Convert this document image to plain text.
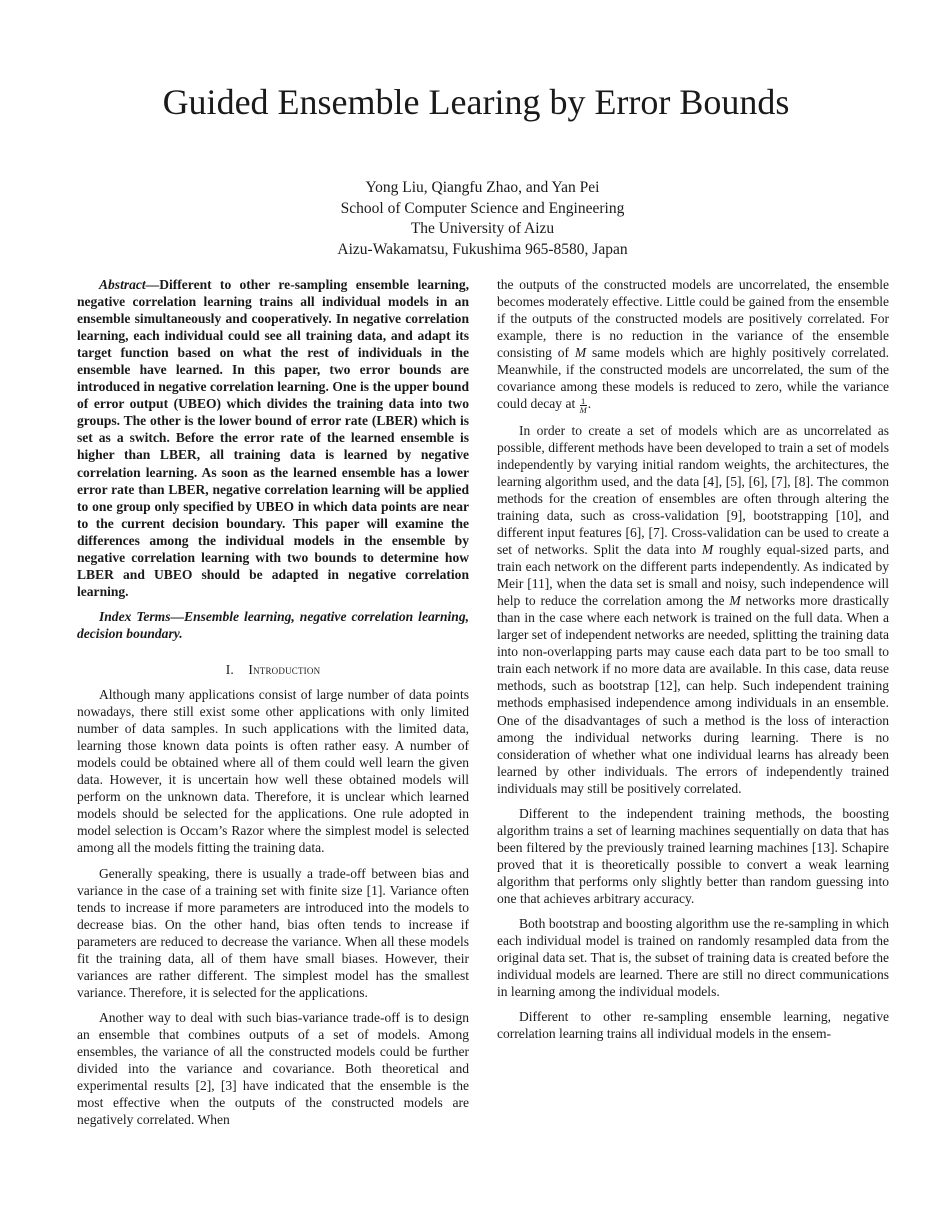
Guided Ensemble Learing by Error Bounds
Yong Liu, Qiangfu Zhao, and Yan Pei
School of Computer Science and Engineering
The University of Aizu
Aizu-Wakamatsu, Fukushima 965-8580, Japan

Abstract—Different to other re-sampling ensemble learning, negative correlation learning trains all individual models in an ensemble simultaneously and cooperatively. In negative correlation learning, each individual could see all training data, and adapt its target function based on what the rest of individuals in the ensemble have learned. In this paper, two error bounds are introduced in negative correlation learning. One is the upper bound of error output (UBEO) which divides the training data into two groups. The other is the lower bound of error rate (LBER) which is set as a switch. Before the error rate of the learned ensemble is higher than LBER, all training data is learned by negative correlation learning. As soon as the learned ensemble has a lower error rate than LBER, negative correlation learning will be applied to one group only specified by UBEO in which data points are near to the current decision boundary. This paper will examine the differences among the individual models in the ensemble by negative correlation learning with two bounds to determine how LBER and UBEO should be adapted in negative correlation learning.

Index Terms—Ensemble learning, negative correlation learning, decision boundary.
I. Introduction

Although many applications consist of large number of data points nowadays, there still exist some other applications with only limited number of data samples. In such applications with the limited data, learning those known data points is often rather easy. A number of models could be obtained where all of them could well learn the given data. However, it is uncertain how well these obtained models will perform on the unknown data. Therefore, it is unclear which learned models should be selected for the applications. One rule adopted in model selection is Occam’s Razor where the simplest model is selected among all the models fitting the training data.

Generally speaking, there is usually a trade-off between bias and variance in the case of a training set with finite size [1]. Variance often tends to increase if more parameters are introduced into the models to decrease bias. On the other hand, bias often tends to increase if parameters are reduced to decrease the variance. When all these models fit the training data, all of them have small biases. However, their variances are rather different. The simplest model has the smallest variance. Therefore, it is selected for the applications.

Another way to deal with such bias-variance trade-off is to design an ensemble that combines outputs of a set of models. Among ensembles, the variance of all the constructed models could be further divided into the variance and covariance. Both theoretical and experimental results [2], [3] have indicated that the ensemble is the most effective when the outputs of the constructed models are negatively correlated. When

the outputs of the constructed models are uncorrelated, the ensemble becomes moderately effective. Little could be gained from the ensemble if the outputs of the constructed models are positively correlated. For example, there is no reduction in the variance of the ensemble consisting of M same models which are highly positively correlated. Meanwhile, if the constructed models are uncorrelated, the sum of the covariance among these models is reduced to zero, while the variance could decay at $\frac{1}{M}$ .

In order to create a set of models which are as uncorrelated as possible, different methods have been developed to train a set of models independently by varying initial random weights, the architectures, the learning algorithm used, and the data [4], [5], [6], [7], [8]. The common methods for the creation of ensembles are often through altering the training data, such as cross-validation [9], bootstrapping [10], and different input features [6], [7]. Cross-validation can be used to create a set of networks. Split the data into M roughly equal-sized parts, and train each network on the different parts independently. As indicated by Meir [11], when the data set is small and noisy, such independence will help to reduce the correlation among the M networks more drastically than in the case where each network is trained on the full data. When a larger set of independent networks are needed, splitting the training data into non-overlapping parts may cause each data part to be too small to train each network if no more data are available. In this case, data reuse methods, such as bootstrap [12], can help. Such independent training methods emphasised independence among individuals in an ensemble. One of the disadvantages of such a method is the loss of interaction among the individual networks during learning. There is no consideration of whether what one individual learns has already been learned by other individuals. The errors of independently trained individuals may still be positively correlated.

Different to the independent training methods, the boosting algorithm trains a set of learning machines sequentially on data that has been filtered by the previously trained learning machines [13]. Schapire proved that it is theoretically possible to convert a weak learning algorithm that performs only slightly better than random guessing into one that achieves arbitrary accuracy.

Both bootstrap and boosting algorithm use the re-sampling in which each individual model is trained on randomly resampled data from the original data set. That is, the subset of training data is created before the individual models are learned. There are still no direct communications in learning among the individual models.

Different to other re-sampling ensemble learning, negative correlation learning trains all individual models in the ensem-
